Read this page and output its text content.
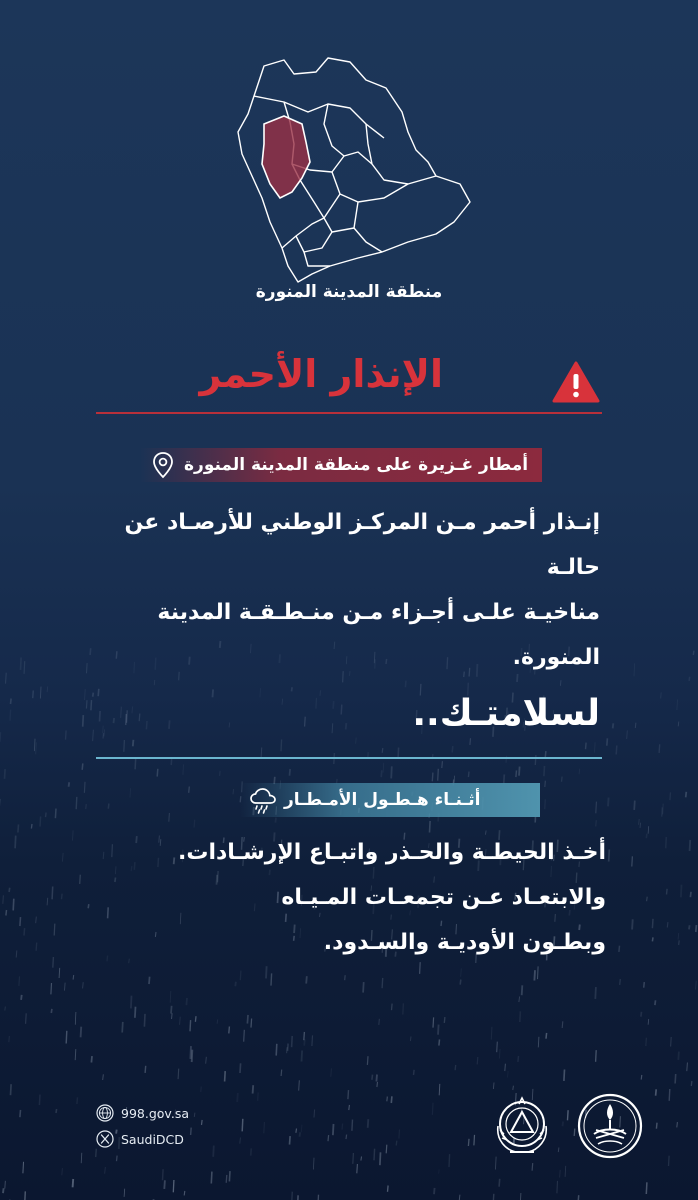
منطقة المدينة المنورة
الإنذار الأحمر
أمطار غـزيرة على منطقة المدينة المنورة
إنـذار أحمر مـن المركـز الوطني للأرصـاد عن حالـة
مناخيـة علـى أجـزاء مـن منـطـقـة المدينة المنورة.
لسلامتـك..
أثـنـاء هـطـول الأمـطـار
أخـذ الحيطـة والحـذر واتبـاع الإرشـادات.
والابتعـاد عـن تجمعـات المـيـاه
وبطـون الأوديـة والسـدود.
998.gov.sa
SaudiDCD
